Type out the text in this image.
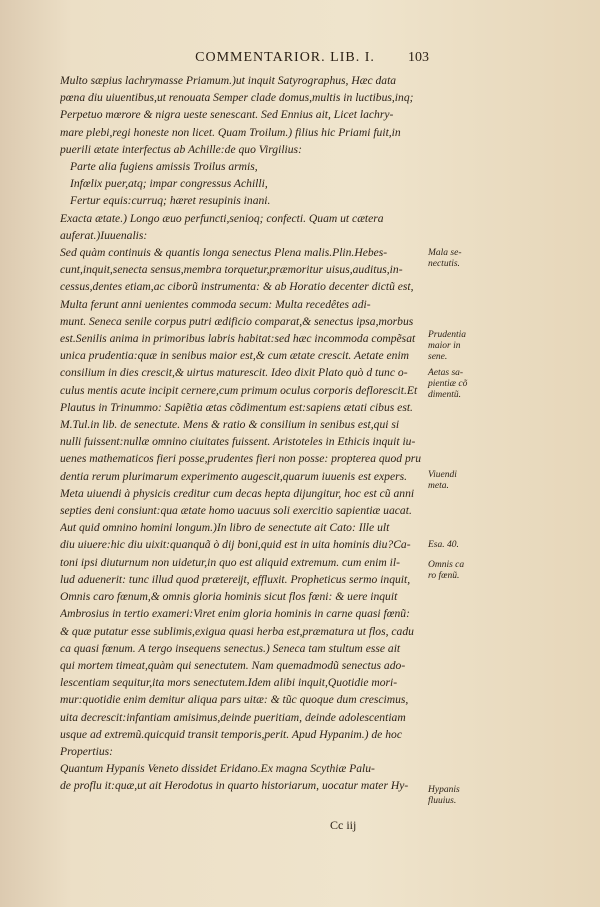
COMMENTARIOR. LIB. I.	103
Multo sæpius lachrymasse Priamum.)ut inquit Satyrographus, Hæc data
pœna diu uiuentibus,ut renouata Semper clade domus,multis in luctibus,inq;
Perpetuo mœrore & nigra ueste senescant. Sed Ennius ait, Licet lachry-
mare plebi,regi honeste non licet. Quam Troilum.) filius hic Priami fuit,in
puerili ætate interfectus ab Achille:de quo Virgilius:
Parte alia fugiens amissis Troilus armis,
Infœlix puer,atq; impar congressus Achilli,
Fertur equis:curruq; hæret resupinis inani.
Exacta ætate.) Longo æuo perfuncti,senioq; confecti. Quam ut cætera
auferat.)Iuuenalis:
Sed quàm continuis & quantis longa senectus Plena malis.Plin.Hebes-
cunt,inquit,senecta sensus,membra torquetur,præmoritur uisus,auditus,in-
cessus,dentes etiam,ac ciborũ instrumenta: & ab Horatio decenter dictũ est,
Multa ferunt anni uenientes commoda secum: Multa recedêtes adi-
munt. Seneca senile corpus putri ædificio comparat,& senectus ipsa,morbus
est.Senilis anima in primoribus labris habitat:sed hæc incommoda compẽsat
unica prudentia:quæ in senibus maior est,& cum ætate crescit. Aetate enim
consilium in dies crescit,& uirtus maturescit. Ideo dixit Plato quò d tunc o-
culus mentis acute incipit cernere,cum primum oculus corporis deflorescit.Et
Plautus in Trinummo: Sapiẽtia ætas cõdimentum est:sapiens ætati cibus est.
M.Tul.in lib. de senectute. Mens & ratio & consilium in senibus est,qui si
nulli fuissent:nullæ omnino ciuitates fuissent. Aristoteles in Ethicis inquit iu-
uenes mathematicos fieri posse,prudentes fieri non posse: propterea quod pru
dentia rerum plurimarum experimento augescit,quarum iuuenis est expers.
Meta uiuendi à physicis creditur cum decas hepta dijungitur, hoc est cũ anni
septies deni consiunt:qua ætate homo uacuus soli exercitio sapientiæ uacat.
Aut quid omnino homini longum.)In libro de senectute ait Cato: Ille ult
diu uiuere:hic diu uixit:quanquã ò dij boni,quid est in uita hominis diu?Ca-
toni ipsi diuturnum non uidetur,in quo est aliquid extremum. cum enim il-
lud aduenerit: tunc illud quod prætereĳt, effluxit. Propheticus sermo inquit,
Omnis caro fœnum,& omnis gloria hominis sicut flos fœni: & uere inquit
Ambrosius in tertio exameri:Viret enim gloria hominis in carne quasi fœnũ:
& quæ putatur esse sublimis,exigua quasi herba est,præmatura ut flos, cadu
ca quasi fœnum. A tergo insequens senectus.) Seneca tam stultum esse ait
qui mortem timeat,quàm qui senectutem. Nam quemadmodũ senectus ado-
lescentiam sequitur,ita mors senectutem.Idem alibi inquit,Quotidie mori-
mur:quotidie enim demitur aliqua pars uitæ: & tũc quoque dum crescimus,
uita decrescit:infantiam amisimus,deinde pueritiam, deinde adolescentiam
usque ad extremũ.quicquid transit temporis,perit. Apud Hypanim.) de hoc
Propertius:
Quantum Hypanis Veneto dissidet Eridano.Ex magna Scythiæ Palu-
de proflu it:quæ,ut ait Herodotus in quarto historiarum, uocatur mater Hy-
Mala se-
nectutis.
Prudentia
maior in
sene.
Aetas sa-
pientiæ cõ
dimentũ.
Viuendi
meta.
Esa. 40.
Omnis ca
ro fœnũ.
Hypanis
fluuius.
Cc iij
